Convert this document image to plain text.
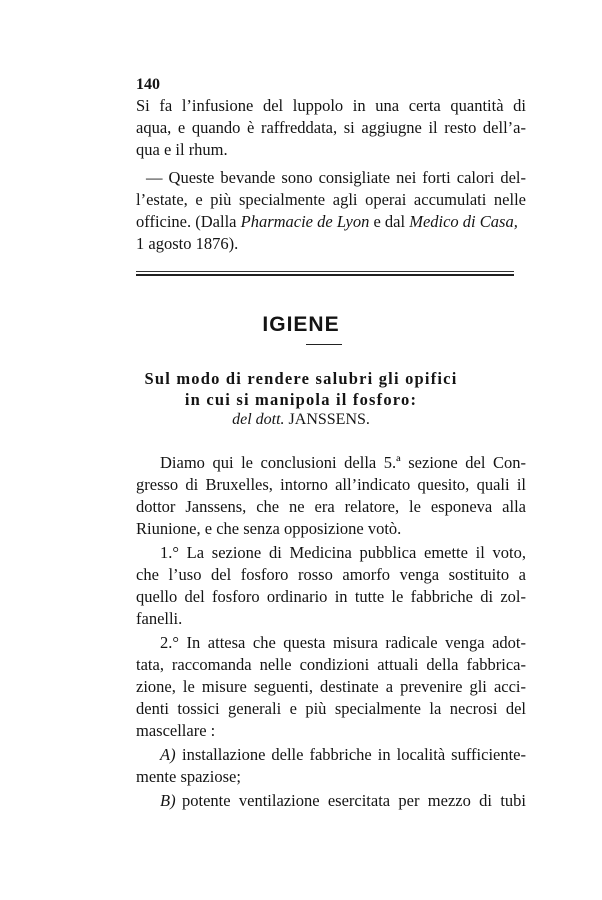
140
Si fa l’infusione del luppolo in una certa quantità di
aqua, e quando è raffreddata, si aggiugne il resto dell’a-
qua e il rhum.
— Queste bevande sono consigliate nei forti calori del-
l’estate, e più specialmente agli operai accumulati nelle
officine. (Dalla Pharmacie de Lyon e dal Medico di Casa,
1 agosto 1876).
IGIENE
Sul modo di rendere salubri gli opifici
in cui si manipola il fosforo:
del dott. JANSSENS.
Diamo qui le conclusioni della 5.ª sezione del Con-
gresso di Bruxelles, intorno all’indicato quesito, quali il
dottor Janssens, che ne era relatore, le esponeva alla
Riunione, e che senza opposizione votò.
1.° La sezione di Medicina pubblica emette il voto,
che l’uso del fosforo rosso amorfo venga sostituito a
quello del fosforo ordinario in tutte le fabbriche di zol-
fanelli.
2.° In attesa che questa misura radicale venga adot-
tata, raccomanda nelle condizioni attuali della fabbrica-
zione, le misure seguenti, destinate a prevenire gli acci-
denti tossici generali e più specialmente la necrosi del
mascellare :
A) installazione delle fabbriche in località sufficiente-
mente spaziose;
B) potente ventilazione esercitata per mezzo di tubi
